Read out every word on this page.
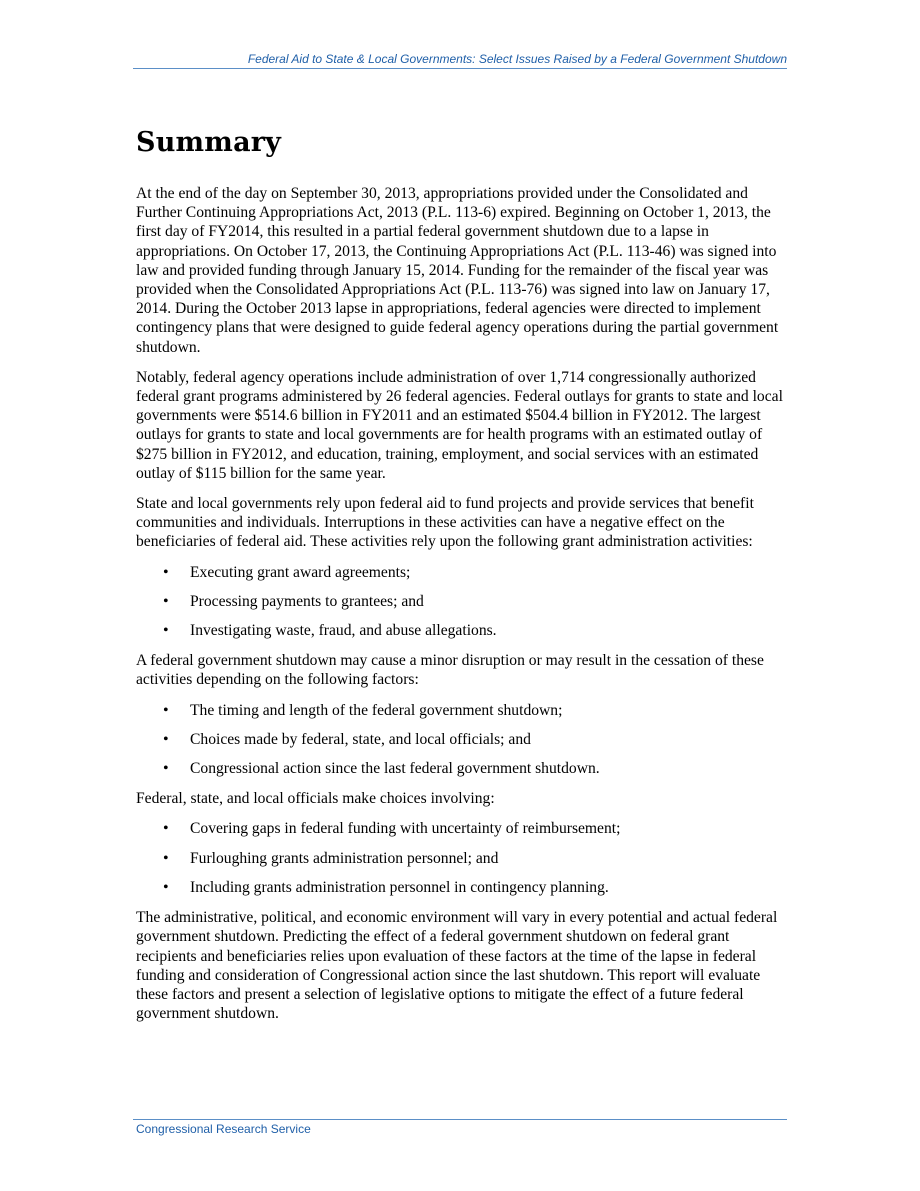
Federal Aid to State & Local Governments: Select Issues Raised by a Federal Government Shutdown
Summary

At the end of the day on September 30, 2013, appropriations provided under the Consolidated and Further Continuing Appropriations Act, 2013 (P.L. 113-6) expired. Beginning on October 1, 2013, the first day of FY2014, this resulted in a partial federal government shutdown due to a lapse in appropriations. On October 17, 2013, the Continuing Appropriations Act (P.L. 113-46) was signed into law and provided funding through January 15, 2014. Funding for the remainder of the fiscal year was provided when the Consolidated Appropriations Act (P.L. 113-76) was signed into law on January 17, 2014. During the October 2013 lapse in appropriations, federal agencies were directed to implement contingency plans that were designed to guide federal agency operations during the partial government shutdown.

Notably, federal agency operations include administration of over 1,714 congressionally authorized federal grant programs administered by 26 federal agencies. Federal outlays for grants to state and local governments were $514.6 billion in FY2011 and an estimated $504.4 billion in FY2012. The largest outlays for grants to state and local governments are for health programs with an estimated outlay of $275 billion in FY2012, and education, training, employment, and social services with an estimated outlay of $115 billion for the same year.

State and local governments rely upon federal aid to fund projects and provide services that benefit communities and individuals. Interruptions in these activities can have a negative effect on the beneficiaries of federal aid. These activities rely upon the following grant administration activities:

• Executing grant award agreements;
• Processing payments to grantees; and
• Investigating waste, fraud, and abuse allegations.

A federal government shutdown may cause a minor disruption or may result in the cessation of these activities depending on the following factors:

• The timing and length of the federal government shutdown;
• Choices made by federal, state, and local officials; and
• Congressional action since the last federal government shutdown.

Federal, state, and local officials make choices involving:

• Covering gaps in federal funding with uncertainty of reimbursement;
• Furloughing grants administration personnel; and
• Including grants administration personnel in contingency planning.

The administrative, political, and economic environment will vary in every potential and actual federal government shutdown. Predicting the effect of a federal government shutdown on federal grant recipients and beneficiaries relies upon evaluation of these factors at the time of the lapse in federal funding and consideration of Congressional action since the last shutdown. This report will evaluate these factors and present a selection of legislative options to mitigate the effect of a future federal government shutdown.

Congressional Research Service
